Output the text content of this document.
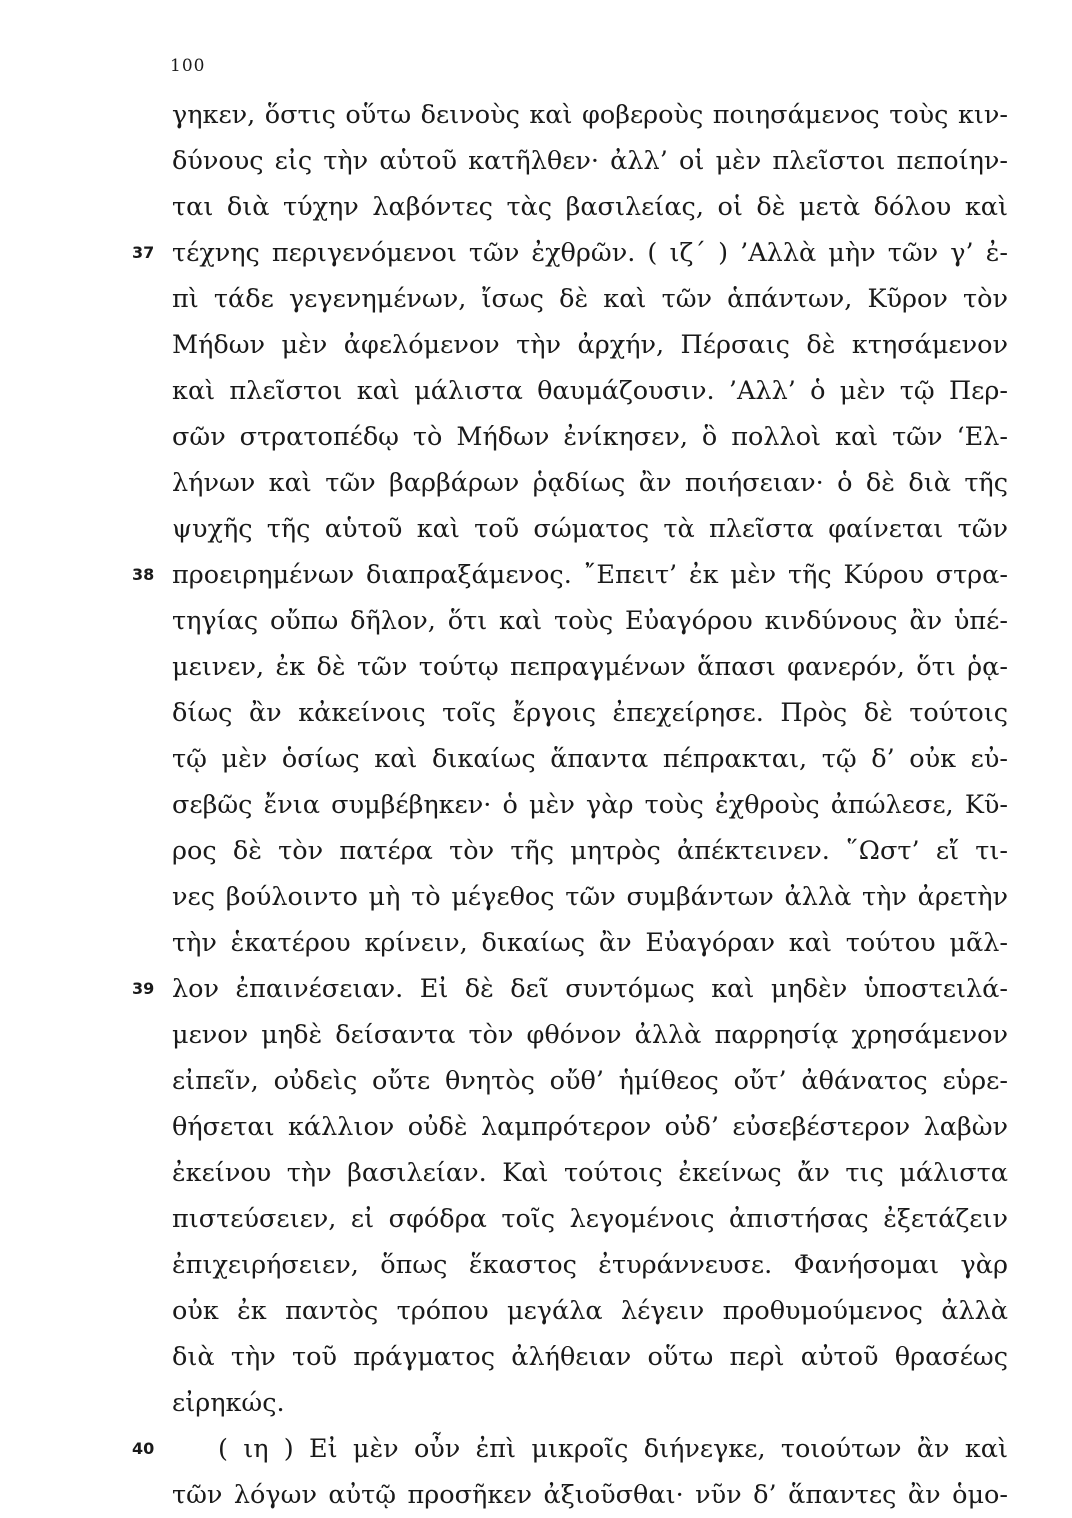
100
γηκεν, ὅστις οὕτω δεινοὺς καὶ φοβεροὺς ποιησάμενος τοὺς κιν-
δύνους εἰς τὴν αὑτοῦ κατῆλθεν· ἀλλ’ οἱ μὲν πλεῖστοι πεποίην-
ται διὰ τύχην λαβόντες τὰς βασιλείας, οἱ δὲ μετὰ δόλου καὶ
37 τέχνης περιγενόμενοι τῶν ἐχθρῶν. ( ιζ΄ ) ’Αλλὰ μὴν τῶν γ’ ἐ-
πὶ τάδε γεγενημένων, ἴσως δὲ καὶ τῶν ἁπάντων, Κῦρον τὸν
Μήδων μὲν ἀφελόμενον τὴν ἀρχήν, Πέρσαις δὲ κτησάμενον
καὶ πλεῖστοι καὶ μάλιστα θαυμάζουσιν. ’Αλλ’ ὁ μὲν τῷ Περ-
σῶν στρατοπέδῳ τὸ Μήδων ἐνίκησεν, ὃ πολλοὶ καὶ τῶν ‘Ελ-
λήνων καὶ τῶν βαρβάρων ῥᾳδίως ἂν ποιήσειαν· ὁ δὲ διὰ τῆς
ψυχῆς τῆς αὑτοῦ καὶ τοῦ σώματος τὰ πλεῖστα φαίνεται τῶν
38 προειρημένων διαπραξάμενος. ῎Επειτ’ ἐκ μὲν τῆς Κύρου στρα-
τηγίας οὔπω δῆλον, ὅτι καὶ τοὺς Εὐαγόρου κινδύνους ἂν ὑπέ-
μεινεν, ἐκ δὲ τῶν τούτῳ πεπραγμένων ἅπασι φανερόν, ὅτι ῥᾳ-
δίως ἂν κἀκείνοις τοῖς ἔργοις ἐπεχείρησε. Πρὸς δὲ τούτοις
τῷ μὲν ὁσίως καὶ δικαίως ἅπαντα πέπρακται, τῷ δ’ οὐκ εὐ-
σεβῶς ἔνια συμβέβηκεν· ὁ μὲν γὰρ τοὺς ἐχθροὺς ἀπώλεσε, Κῦ-
ρος δὲ τὸν πατέρα τὸν τῆς μητρὸς ἀπέκτεινεν. ῞Ωστ’ εἴ τι-
νες βούλοιντο μὴ τὸ μέγεθος τῶν συμβάντων ἀλλὰ τὴν ἀρετὴν
τὴν ἑκατέρου κρίνειν, δικαίως ἂν Εὐαγόραν καὶ τούτου μᾶλ-
39 λον ἐπαινέσειαν. Εἰ δὲ δεῖ συντόμως καὶ μηδὲν ὑποστειλά-
μενον μηδὲ δείσαντα τὸν φθόνον ἀλλὰ παρρησίᾳ χρησάμενον
εἰπεῖν, οὐδεὶς οὔτε θνητὸς οὔθ’ ἡμίθεος οὔτ’ ἀθάνατος εὑρε-
θήσεται κάλλιον οὐδὲ λαμπρότερον οὐδ’ εὐσεβέστερον λαβὼν
ἐκείνου τὴν βασιλείαν. Καὶ τούτοις ἐκείνως ἄν τις μάλιστα
πιστεύσειεν, εἰ σφόδρα τοῖς λεγομένοις ἀπιστήσας ἐξετάζειν
ἐπιχειρήσειεν, ὅπως ἕκαστος ἐτυράννευσε. Φανήσομαι γὰρ
οὐκ ἐκ παντὸς τρόπου μεγάλα λέγειν προθυμούμενος ἀλλὰ
διὰ τὴν τοῦ πράγματος ἀλήθειαν οὕτω περὶ αὐτοῦ θρασέως
εἰρηκώς.
40 ( ιη ) Εἰ μὲν οὖν ἐπὶ μικροῖς διήνεγκε, τοιούτων ἂν καὶ
τῶν λόγων αὐτῷ προσῆκεν ἀξιοῦσθαι· νῦν δ’ ἅπαντες ἂν ὁμο-
